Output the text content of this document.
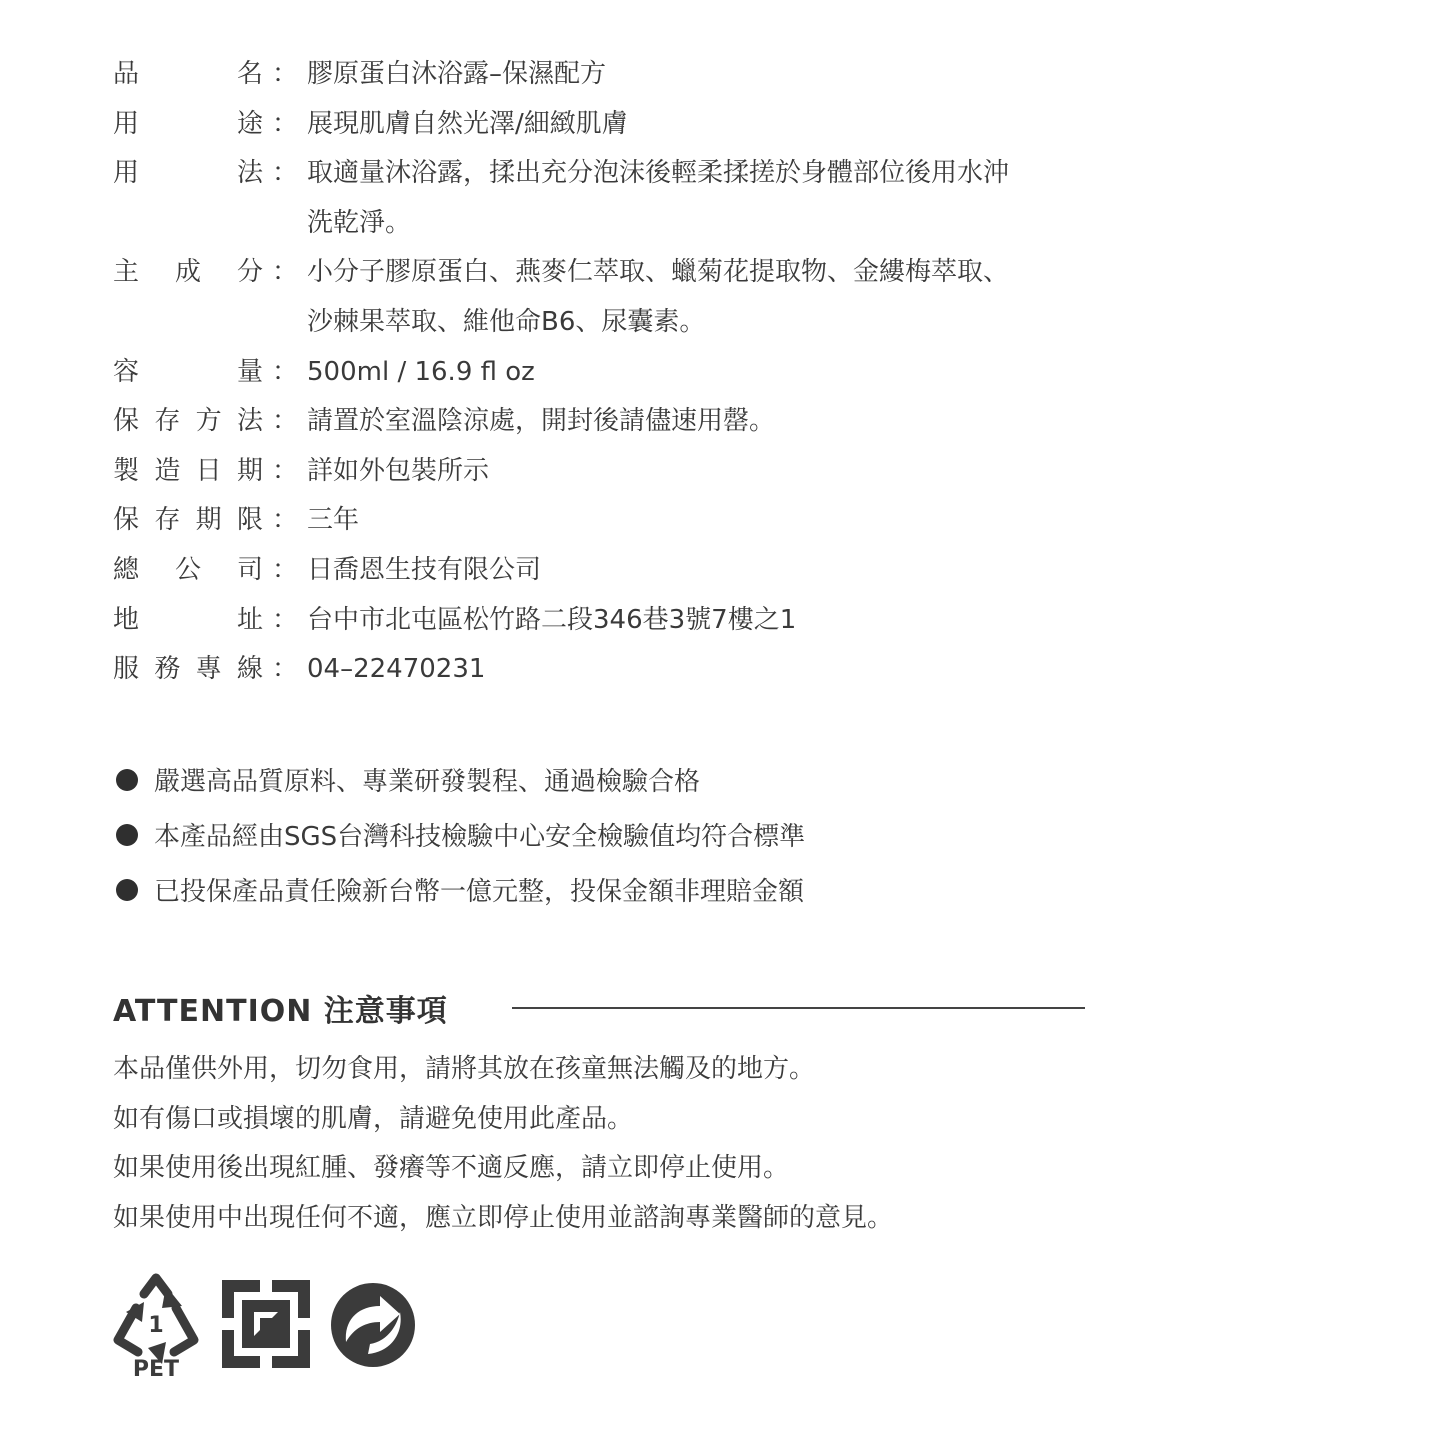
品	名 ： 膠原蛋白沐浴露–保濕配方
用	途 ： 展現肌膚自然光澤/細緻肌膚
用	法 ： 取適量沐浴露，揉出充分泡沫後輕柔揉搓於身體部位後用水沖
洗乾淨。
主 成 分 ： 小分子膠原蛋白、燕麥仁萃取、蠟菊花提取物、金縷梅萃取、
沙棘果萃取、維他命B6、尿囊素。
容	量 ： 500ml / 16.9 fl oz
保 存 方 法 ： 請置於室溫陰涼處，開封後請儘速用罄。
製 造 日 期 ： 詳如外包裝所示
保 存 期 限 ： 三年
總 公 司 ： 日喬恩生技有限公司
地	址 ： 台中市北屯區松竹路二段346巷3號7樓之1
服 務 專 線 ： 04–22470231
嚴選高品質原料、專業研發製程、通過檢驗合格
本產品經由SGS台灣科技檢驗中心安全檢驗值均符合標準
已投保產品責任險新台幣一億元整，投保金額非理賠金額
ATTENTION 注意事項
本品僅供外用，切勿食用，請將其放在孩童無法觸及的地方。
如有傷口或損壞的肌膚，請避免使用此產品。
如果使用後出現紅腫、發癢等不適反應，請立即停止使用。
如果使用中出現任何不適，應立即停止使用並諮詢專業醫師的意見。
1
PET
